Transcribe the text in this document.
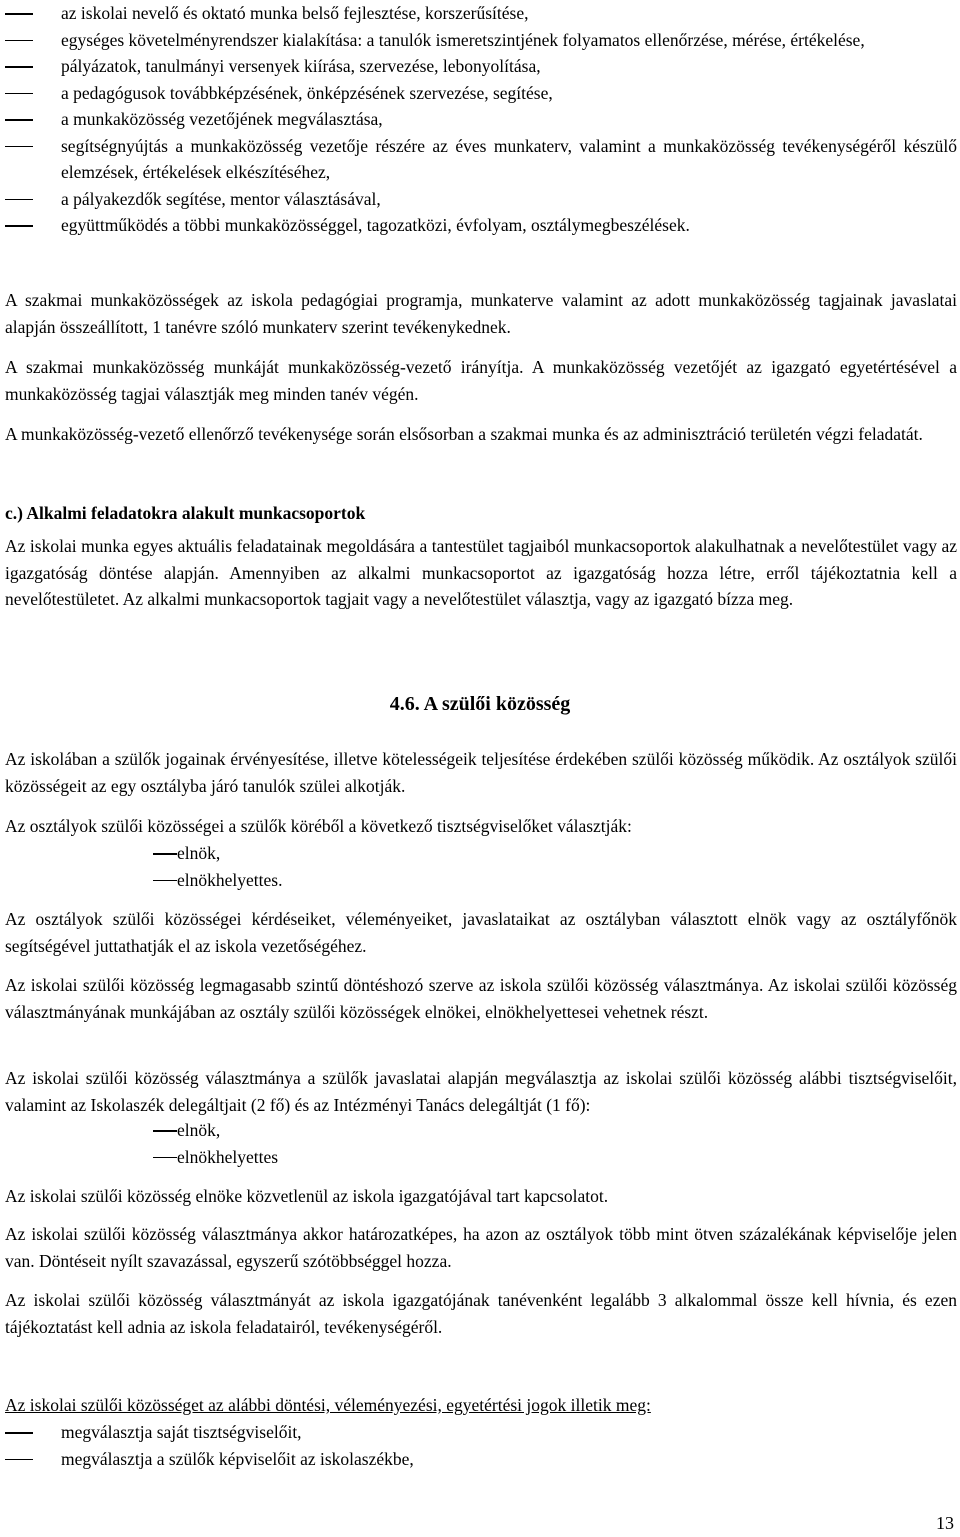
az iskolai nevelő és oktató munka belső fejlesztése, korszerűsítése,
egységes követelményrendszer kialakítása: a tanulók ismeretszintjének folyamatos ellenőrzése, mérése, értékelése,
pályázatok, tanulmányi versenyek kiírása, szervezése, lebonyolítása,
a pedagógusok továbbképzésének, önképzésének szervezése, segítése,
a munkaközösség vezetőjének megválasztása,
segítségnyújtás a munkaközösség vezetője részére az éves munkaterv, valamint a munkaközösség tevékenységéről készülő elemzések, értékelések elkészítéséhez,
a pályakezdők segítése, mentor választásával,
együttműködés a többi munkaközösséggel, tagozatközi, évfolyam, osztálymegbeszélések.

A szakmai munkaközösségek az iskola pedagógiai programja, munkaterve valamint az adott munkaközösség tagjainak javaslatai alapján összeállított, 1 tanévre szóló munkaterv szerint tevékenykednek.

A szakmai munkaközösség munkáját munkaközösség-vezető irányítja. A munkaközösség vezetőjét az igazgató egyetértésével a munkaközösség tagjai választják meg minden tanév végén.

A munkaközösség-vezető ellenőrző tevékenysége során elsősorban a szakmai munka és az adminisztráció területén végzi feladatát.

c.) Alkalmi feladatokra alakult munkacsoportok

Az iskolai munka egyes aktuális feladatainak megoldására a tantestület tagjaiból munkacsoportok alakulhatnak a nevelőtestület vagy az igazgatóság döntése alapján. Amennyiben az alkalmi munkacsoportot az igazgatóság hozza létre, erről tájékoztatnia kell a nevelőtestületet. Az alkalmi munkacsoportok tagjait vagy a nevelőtestület választja, vagy az igazgató bízza meg.

4.6. A szülői közösség

Az iskolában a szülők jogainak érvényesítése, illetve kötelességeik teljesítése érdekében szülői közösség működik. Az osztályok szülői közösségeit az egy osztályba járó tanulók szülei alkotják.

Az osztályok szülői közösségei a szülők köréből a következő tisztségviselőket választják:

elnök,
elnökhelyettes.

Az osztályok szülői közösségei kérdéseiket, véleményeiket, javaslataikat az osztályban választott elnök vagy az osztályfőnök segítségével juttathatják el az iskola vezetőségéhez.

Az iskolai szülői közösség legmagasabb szintű döntéshozó szerve az iskola szülői közösség választmánya. Az iskolai szülői közösség választmányának munkájában az osztály szülői közösségek elnökei, elnökhelyettesei vehetnek részt.

Az iskolai szülői közösség választmánya a szülők javaslatai alapján megválasztja az iskolai szülői közösség alábbi tisztségviselőit, valamint az Iskolaszék delegáltjait (2 fő) és az Intézményi Tanács delegáltját (1 fő):

elnök,
elnökhelyettes

Az iskolai szülői közösség elnöke közvetlenül az iskola igazgatójával tart kapcsolatot.

Az iskolai szülői közösség választmánya akkor határozatképes, ha azon az osztályok több mint ötven százalékának képviselője jelen van. Döntéseit nyílt szavazással, egyszerű szótöbbséggel hozza.

Az iskolai szülői közösség választmányát az iskola igazgatójának tanévenként legalább 3 alkalommal össze kell hívnia, és ezen tájékoztatást kell adnia az iskola feladatairól, tevékenységéről.

Az iskolai szülői közösséget az alábbi döntési, véleményezési, egyetértési jogok illetik meg:

megválasztja saját tisztségviselőit,
megválasztja a szülők képviselőit az iskolaszékbe,
13
